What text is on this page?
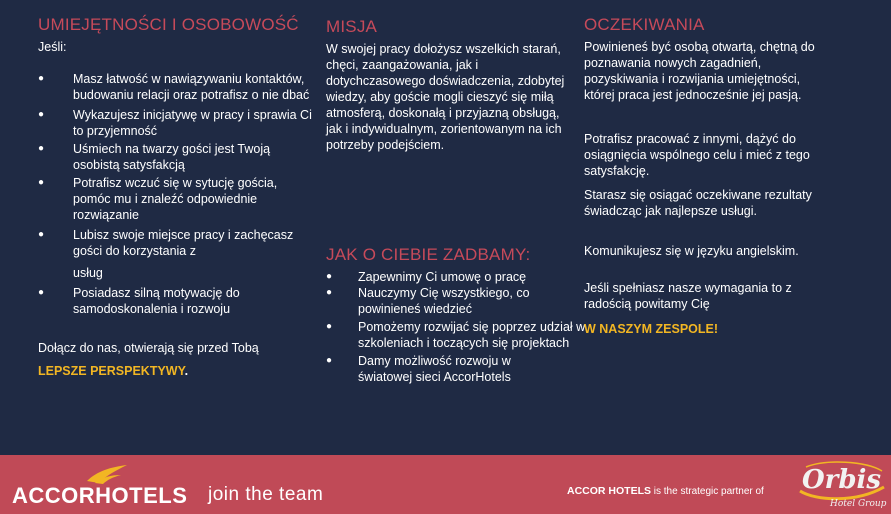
UMIEJĘTNOŚCI I OSOBOWOŚĆ

Jeśli:

● Masz łatwość w nawiązywaniu kontaktów, budowaniu relacji oraz potrafisz o nie dbać
● Wykazujesz inicjatywę w pracy i sprawia Ci to przyjemność
● Uśmiech na twarzy gości jest Twoją osobistą satysfakcją
● Potrafisz wczuć się w sytucję gościa, pomóc mu i znaleźć odpowiednie rozwiązanie
● Lubisz swoje miejsce pracy i zachęcasz gości do korzystania z
usług
● Posiadasz silną motywację do samodoskonalenia i rozwoju

Dołącz do nas, otwierają się przed Tobą

LEPSZE PERSPEKTYWY.

MISJA

W swojej pracy dołożysz wszelkich starań, chęci, zaangażowania, jak i dotychczasowego doświadczenia, zdobytej wiedzy, aby goście mogli cieszyć się miłą atmosferą, doskonałą i przyjazną obsługą, jak i indywidualnym, zorientowanym na ich potrzeby podejściem.

JAK O CIEBIE ZADBAMY:
● Zapewnimy Ci umowę o pracę
● Nauczymy Cię wszystkiego, co powinieneś wiedzieć
●	Pomożemy rozwijać się poprzez udział w szkoleniach i toczących się projektach
● Damy możliwość rozwoju w światowej sieci AccorHotels
OCZEKIWANIA

Powinieneś być osobą otwartą, chętną do poznawania nowych zagadnień, pozyskiwania i rozwijania umiejętności, której praca jest jednocześnie jej pasją.

Potrafisz pracować z innymi, dążyć do osiągnięcia wspólnego celu i mieć z tego satysfakcję.

Starasz się osiągać oczekiwane rezultaty świadcząc jak najlepsze usługi.

Komunikujesz się w języku angielskim.

Jeśli spełniasz nasze wymagania to z radością powitamy Cię

W NASZYM ZESPOLE!

ACCORHOTELS join the team	ACCOR HOTELS is the strategic partner of Orbis
Hotel Group
